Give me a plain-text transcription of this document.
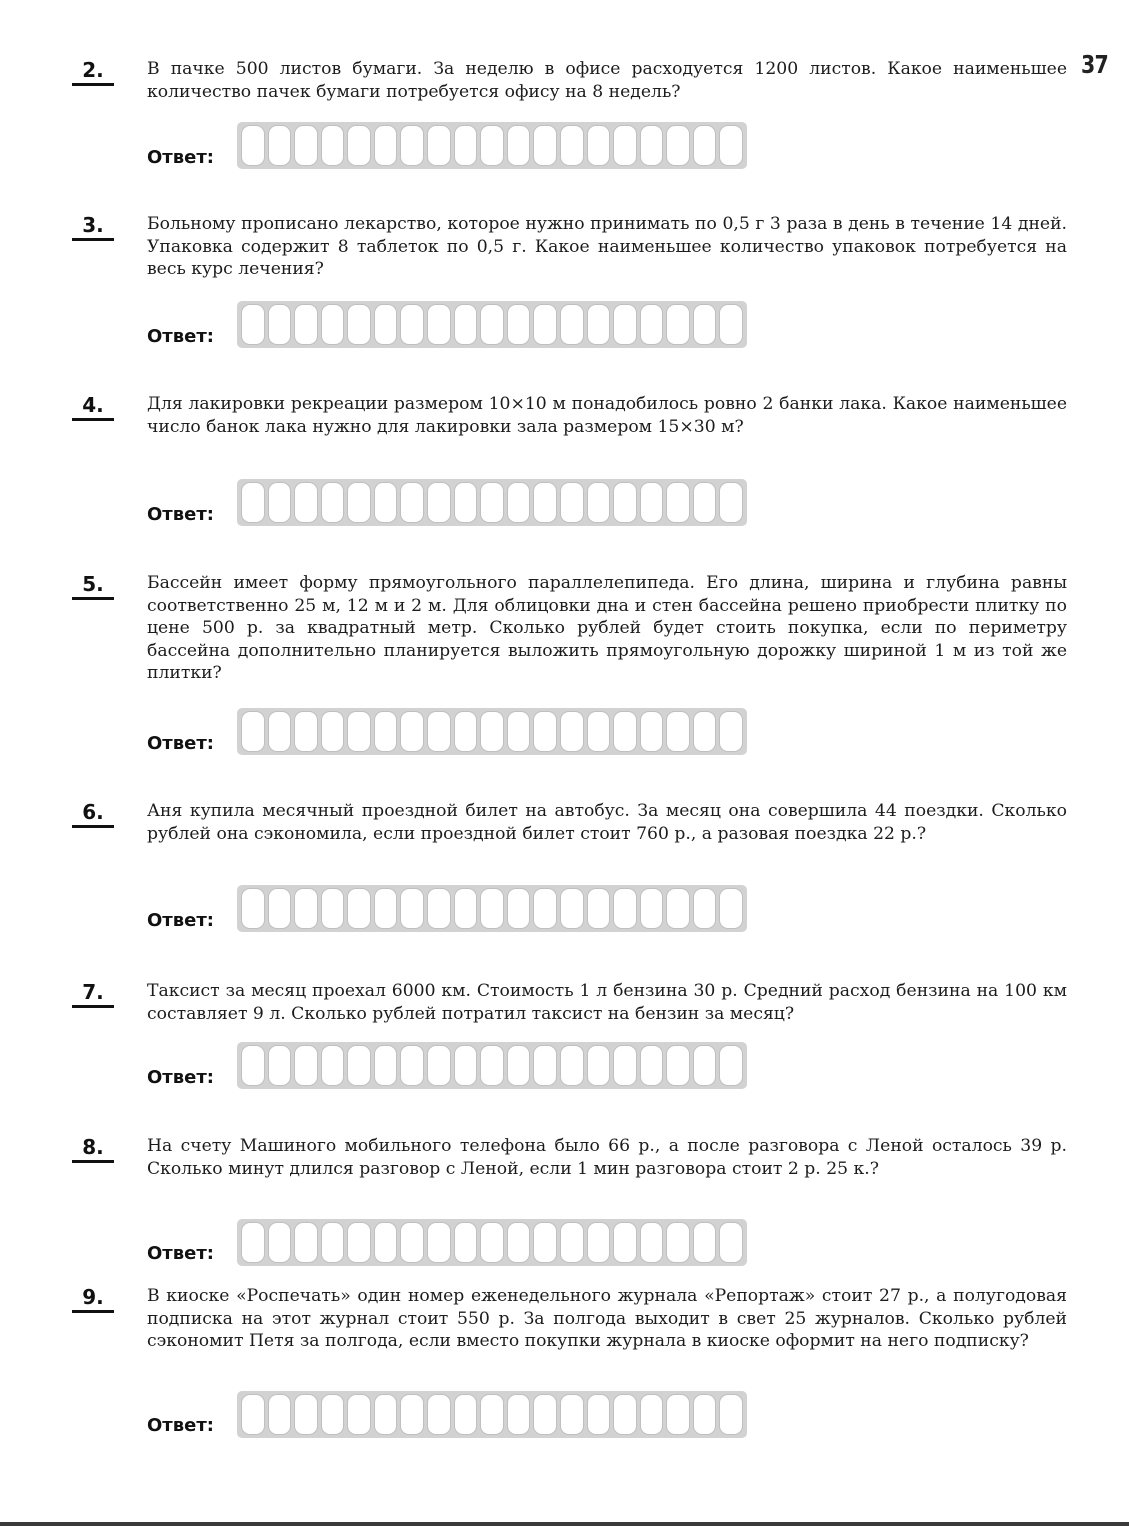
37
2.	В пачке 500 листов бумаги. За неделю в офисе расходуется 1200 листов. Какое наименьшее количество пачек бумаги потребуется офису на 8 недель?
Ответ:
3.	Больному прописано лекарство, которое нужно принимать по 0,5 г 3 раза в день в течение 14 дней. Упаковка содержит 8 таблеток по 0,5 г. Какое наименьшее количество упаковок потребуется на весь курс лечения?
Ответ:
4.	Для лакировки рекреации размером 10×10 м понадобилось ровно 2 банки лака. Какое наименьшее число банок лака нужно для лакировки зала размером 15×30 м?
Ответ:
5.	Бассейн имеет форму прямоугольного параллелепипеда. Его длина, ширина и глубина равны соответственно 25 м, 12 м и 2 м. Для облицовки дна и стен бассейна решено приобрести плитку по цене 500 р. за квадратный метр. Сколько рублей будет стоить покупка, если по периметру бассейна дополнительно планируется выложить прямоугольную дорожку шириной 1 м из той же плитки?
Ответ:
6.	Аня купила месячный проездной билет на автобус. За месяц она совершила 44 поездки. Сколько рублей она сэкономила, если проездной билет стоит 760 р., а разовая поездка 22 р.?
Ответ:
7.	Таксист за месяц проехал 6000 км. Стоимость 1 л бензина 30 р. Средний расход бензина на 100 км составляет 9 л. Сколько рублей потратил таксист на бензин за месяц?
Ответ:
8.	На счету Машиного мобильного телефона было 66 р., а после разговора с Леной осталось 39 р. Сколько минут длился разговор с Леной, если 1 мин разговора стоит 2 р. 25 к.?
Ответ:
9.	В киоске «Роспечать» один номер еженедельного журнала «Репортаж» стоит 27 р., а полугодовая подписка на этот журнал стоит 550 р. За полгода выходит в свет 25 журналов. Сколько рублей сэкономит Петя за полгода, если вместо покупки журнала в киоске оформит на него подписку?
Ответ:
